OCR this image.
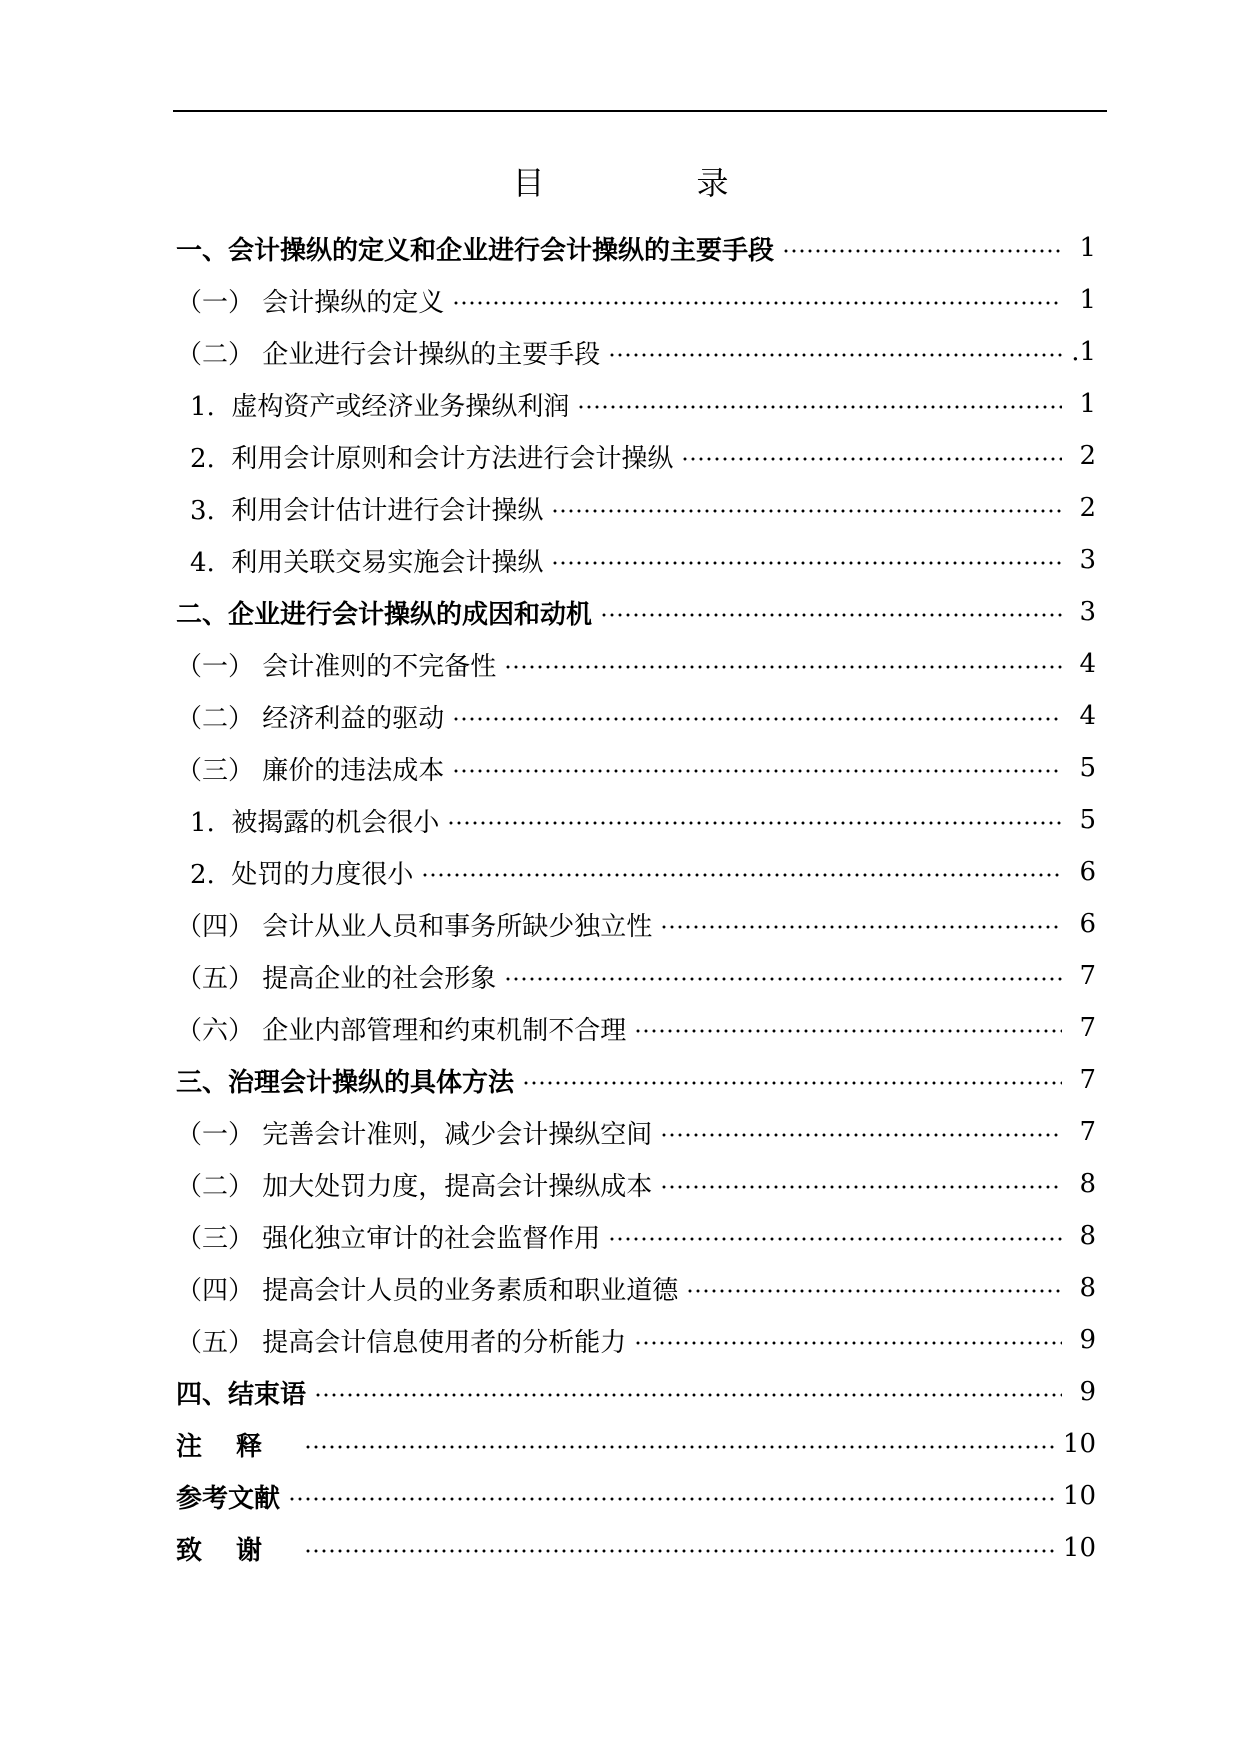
目　录
一、会计操纵的定义和企业进行会计操纵的主要手段	1
（一） 会计操纵的定义	1
（二） 企业进行会计操纵的主要手段	.1
1.  虚构资产或经济业务操纵利润	1
2.  利用会计原则和会计方法进行会计操纵	2
3.  利用会计估计进行会计操纵	2
4.  利用关联交易实施会计操纵	3
二、企业进行会计操纵的成因和动机	3
（一） 会计准则的不完备性	4
（二） 经济利益的驱动	4
（三） 廉价的违法成本	5
1.  被揭露的机会很小	5
2.  处罚的力度很小	6
（四） 会计从业人员和事务所缺少独立性	6
（五） 提高企业的社会形象	7
（六） 企业内部管理和约束机制不合理	7
三、治理会计操纵的具体方法	7
（一） 完善会计准则，减少会计操纵空间	7
（二） 加大处罚力度，提高会计操纵成本	8
（三） 强化独立审计的社会监督作用	8
（四） 提高会计人员的业务素质和职业道德	8
（五） 提高会计信息使用者的分析能力	9
四、结束语	9
注释	10
参考文献	10
致谢	10
